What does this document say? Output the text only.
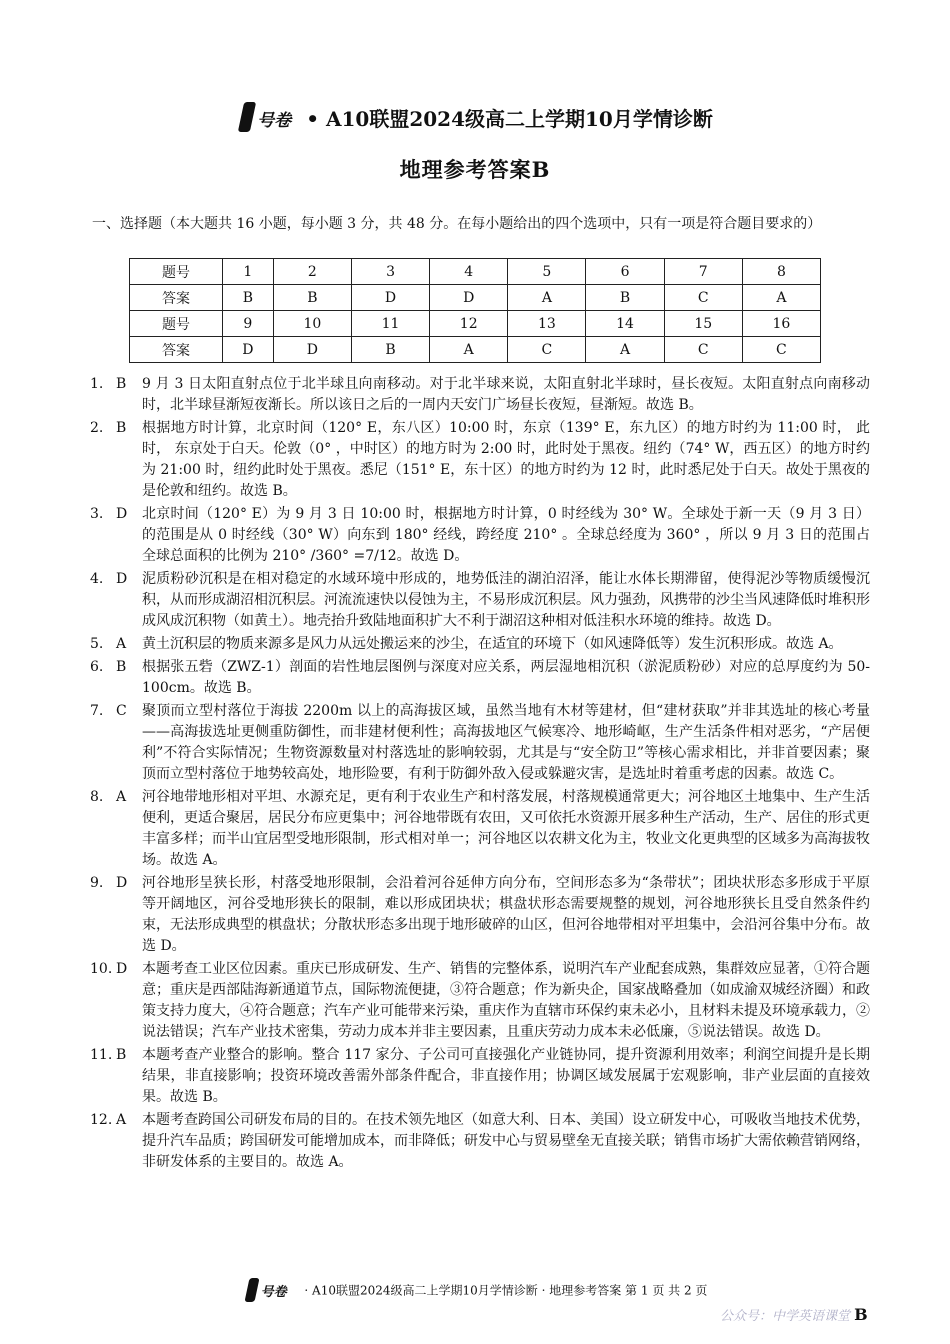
号卷 • A10联盟2024级高二上学期10月学情诊断
地理参考答案B
一、选择题（本大题共 16 小题，每小题 3 分，共 48 分。在每小题给出的四个选项中，只有一项是符合题目要求的）
题号	1	2	3	4	5	6	7	8
答案	B	B	D	D	A	B	C	A
题号	9	10	11	12	13	14	15	16
答案	D	D	B	A	C	A	C	C
1. B 9 月 3 日太阳直射点位于北半球且向南移动。对于北半球来说，太阳直射北半球时，昼长夜短。太阳直射点向南移动时，北半球昼渐短夜渐长。所以该日之后的一周内天安门广场昼长夜短，昼渐短。故选 B。
2. B 根据地方时计算，北京时间（120° E，东八区）10:00 时，东京（139° E，东九区）的地方时约为 11:00 时， 此时， 东京处于白天。伦敦（0° ，中时区）的地方时为 2:00 时，此时处于黑夜。纽约（74° W，西五区）的地方时约为 21:00 时，纽约此时处于黑夜。悉尼（151° E，东十区）的地方时约为 12 时，此时悉尼处于白天。故处于黑夜的是伦敦和纽约。故选 B。
3. D 北京时间（120° E）为 9 月 3 日 10:00 时，根据地方时计算，0 时经线为 30° W。全球处于新一天（9 月 3 日）的范围是从 0 时经线（30° W）向东到 180° 经线，跨经度 210° 。全球总经度为 360° ，所以 9 月 3 日的范围占全球总面积的比例为 210° /360° =7/12。故选 D。
4. D 泥质粉砂沉积是在相对稳定的水域环境中形成的，地势低洼的湖泊沼泽，能让水体长期滞留，使得泥沙等物质缓慢沉积，从而形成湖沼相沉积层。河流流速快以侵蚀为主，不易形成沉积层。风力强劲，风携带的沙尘当风速降低时堆积形成风成沉积物（如黄土）。地壳抬升致陆地面积扩大不利于湖沼这种相对低洼积水环境的维持。故选 D。
5. A 黄土沉积层的物质来源多是风力从远处搬运来的沙尘，在适宜的环境下（如风速降低等）发生沉积形成。故选 A。
6. B 根据张五砦（ZWZ-1）剖面的岩性地层图例与深度对应关系，两层湿地相沉积（淤泥质粉砂）对应的总厚度约为 50-100cm。故选 B。
7. C 聚顶而立型村落位于海拔 2200m 以上的高海拔区域，虽然当地有木材等建材，但“建材获取”并非其选址的核心考量——高海拔选址更侧重防御性，而非建材便利性；高海拔地区气候寒冷、地形崎岖，生产生活条件相对恶劣，“产居便利”不符合实际情况；生物资源数量对村落选址的影响较弱，尤其是与“安全防卫”等核心需求相比，并非首要因素；聚顶而立型村落位于地势较高处，地形险要，有利于防御外敌入侵或躲避灾害，是选址时着重考虑的因素。故选 C。
8. A 河谷地带地形相对平坦、水源充足，更有利于农业生产和村落发展，村落规模通常更大；河谷地区土地集中、生产生活便利，更适合聚居，居民分布应更集中；河谷地带既有农田，又可依托水资源开展多种生产活动，生产、居住的形式更丰富多样；而半山宜居型受地形限制，形式相对单一；河谷地区以农耕文化为主，牧业文化更典型的区域多为高海拔牧场。故选 A。
9. D 河谷地形呈狭长形，村落受地形限制，会沿着河谷延伸方向分布，空间形态多为“条带状”；团块状形态多形成于平原等开阔地区，河谷受地形狭长的限制，难以形成团块状；棋盘状形态需要规整的规划，河谷地形狭长且受自然条件约束，无法形成典型的棋盘状；分散状形态多出现于地形破碎的山区，但河谷地带相对平坦集中，会沿河谷集中分布。故选 D。
10. D 本题考查工业区位因素。重庆已形成研发、生产、销售的完整体系，说明汽车产业配套成熟，集群效应显著，①符合题意；重庆是西部陆海新通道节点，国际物流便捷，③符合题意；作为新央企，国家战略叠加（如成渝双城经济圈）和政策支持力度大，④符合题意；汽车产业可能带来污染，重庆作为直辖市环保约束未必小，且材料未提及环境承载力，②说法错误；汽车产业技术密集，劳动力成本并非主要因素，且重庆劳动力成本未必低廉，⑤说法错误。故选 D。
11. B 本题考查产业整合的影响。整合 117 家分、子公司可直接强化产业链协同，提升资源利用效率；利润空间提升是长期结果，非直接影响；投资环境改善需外部条件配合，非直接作用；协调区域发展属于宏观影响，非产业层面的直接效果。故选 B。
12. A 本题考查跨国公司研发布局的目的。在技术领先地区（如意大利、日本、美国）设立研发中心，可吸收当地技术优势，提升汽车品质；跨国研发可能增加成本，而非降低；研发中心与贸易壁垒无直接关联；销售市场扩大需依赖营销网络，非研发体系的主要目的。故选 A。
号卷 · A10联盟2024级高二上学期10月学情诊断 · 地理参考答案 第 1 页 共 2 页
公众号：中学英语课堂 B
